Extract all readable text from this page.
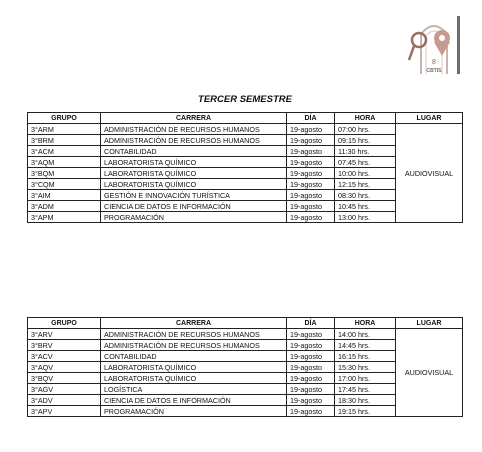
8
CBTIS
TERCER SEMESTRE
GRUPO	CARRERA	DÍA	HORA	LUGAR
3°ARM	ADMINISTRACIÓN DE RECURSOS HUMANOS	19-agosto	07:00 hrs.	AUDIOVISUAL
3°BRM	ADMINISTRACIÓN DE RECURSOS HUMANOS	19-agosto	09:15 hrs.	
3°ACM	CONTABILIDAD	19-agosto	11:30 hrs.	
3°AQM	LABORATORISTA QUÍMICO	19-agosto	07:45 hrs.	
3°BQM	LABORATORISTA QUÍMICO	19-agosto	10:00 hrs.	
3°CQM	LABORATORISTA QUÍMICO	19-agosto	12:15 hrs.	
3°AIM	GESTIÓN E INNOVACIÓN TURÍSTICA	19-agosto	08:30 hrs.	
3°ADM	CIENCIA DE DATOS E INFORMACIÓN	19-agosto	10:45 hrs.	
3°APM	PROGRAMACIÓN	19-agosto	13:00 hrs.	
GRUPO	CARRERA	DÍA	HORA	LUGAR
3°ARV	ADMINISTRACIÓN DE RECURSOS HUMANOS	19-agosto	14:00 hrs.	AUDIOVISUAL
3°BRV	ADMINISTRACIÓN DE RECURSOS HUMANOS	19-agosto	14:45 hrs.	
3°ACV	CONTABILIDAD	19-agosto	16:15 hrs.	
3°AQV	LABORATORISTA QUÍMICO	19-agosto	15:30 hrs.	
3°BQV	LABORATORISTA QUÍMICO	19-agosto	17:00 hrs.	
3°AGV	LOGÍSTICA	19-agosto	17:45 hrs.	
3°ADV	CIENCIA DE DATOS E INFORMACIÓN	19-agosto	18:30 hrs.	
3°APV	PROGRAMACIÓN	19-agosto	19:15 hrs.	
